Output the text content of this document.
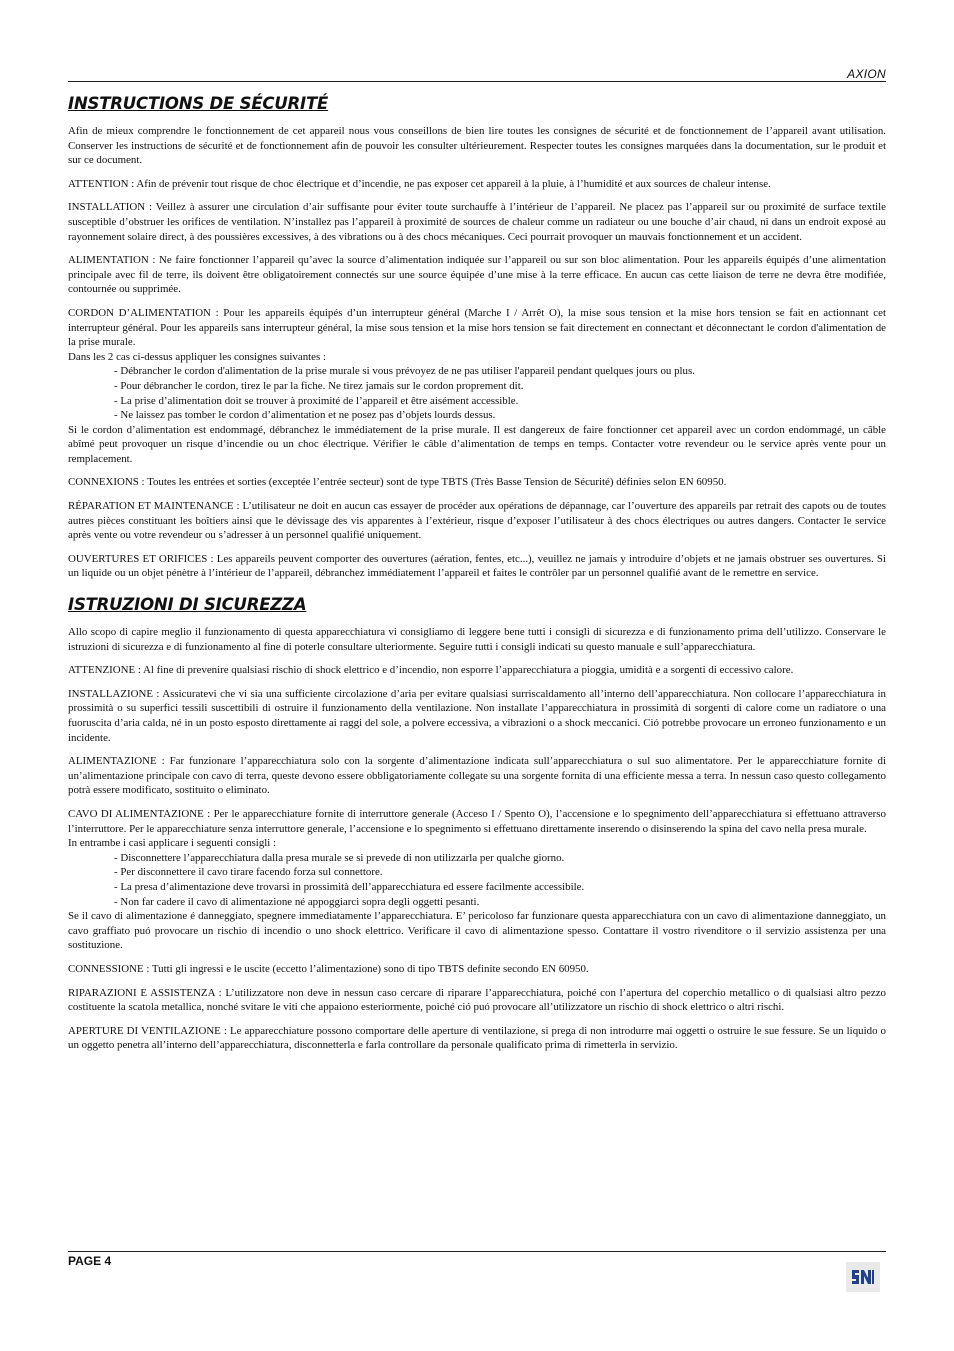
AXION
INSTRUCTIONS DE SÉCURITÉ

Afin de mieux comprendre le fonctionnement de cet appareil nous vous conseillons de bien lire toutes les consignes de sécurité et de fonctionnement de l’appareil avant utilisation. Conserver les instructions de sécurité et de fonctionnement afin de pouvoir les consulter ultérieurement. Respecter toutes les consignes marquées dans la documentation, sur le produit et sur ce document.

ATTENTION : Afin de prévenir tout risque de choc électrique et d’incendie, ne pas exposer cet appareil à la pluie, à l’humidité et aux sources de chaleur intense.

INSTALLATION : Veillez à assurer une circulation d’air suffisante pour éviter toute surchauffe à l’intérieur de l’appareil. Ne placez pas l’appareil sur ou proximité de surface textile susceptible d’obstruer les orifices de ventilation. N’installez pas l’appareil à proximité de sources de chaleur comme un radiateur ou une bouche d’air chaud, ni dans un endroit exposé au rayonnement solaire direct, à des poussières excessives, à des vibrations ou à des chocs mécaniques. Ceci pourrait provoquer un mauvais fonctionnement et un accident.

ALIMENTATION : Ne faire fonctionner l’appareil qu’avec la source d’alimentation indiquée sur l’appareil ou sur son bloc alimentation. Pour les appareils équipés d’une alimentation principale avec fil de terre, ils doivent être obligatoirement connectés sur une source équipée d’une mise à la terre efficace. En aucun cas cette liaison de terre ne devra être modifiée, contournée ou supprimée.

CORDON D’ALIMENTATION : Pour les appareils équipés d’un interrupteur général (Marche I / Arrêt O), la mise sous tension et la mise hors tension se fait en actionnant cet interrupteur général. Pour les appareils sans interrupteur général, la mise sous tension et la mise hors tension se fait directement en connectant et déconnectant le cordon d'alimentation de la prise murale.

Dans les 2 cas ci-dessus appliquer les consignes suivantes :

- Débrancher le cordon d'alimentation de la prise murale si vous prévoyez de ne pas utiliser l'appareil pendant quelques jours ou plus.
- Pour débrancher le cordon, tirez le par la fiche. Ne tirez jamais sur le cordon proprement dit.
- La prise d’alimentation doit se trouver à proximité de l’appareil et être aisément accessible.
- Ne laissez pas tomber le cordon d’alimentation et ne posez pas d’objets lourds dessus.

Si le cordon d’alimentation est endommagé, débranchez le immédiatement de la prise murale. Il est dangereux de faire fonctionner cet appareil avec un cordon endommagé, un câble abîmé peut provoquer un risque d’incendie ou un choc électrique. Vérifier le câble d’alimentation de temps en temps. Contacter votre revendeur ou le service après vente pour un remplacement.

CONNEXIONS : Toutes les entrées et sorties (exceptée l’entrée secteur) sont de type TBTS (Très Basse Tension de Sécurité) définies selon EN 60950.

RÉPARATION ET MAINTENANCE : L’utilisateur ne doit en aucun cas essayer de procéder aux opérations de dépannage, car l’ouverture des appareils par retrait des capots ou de toutes autres pièces constituant les boîtiers ainsi que le dévissage des vis apparentes à l’extérieur, risque d’exposer l’utilisateur à des chocs électriques ou autres dangers. Contacter le service après vente ou votre revendeur ou s’adresser à un personnel qualifié uniquement.

OUVERTURES ET ORIFICES : Les appareils peuvent comporter des ouvertures (aération, fentes, etc...), veuillez ne jamais y introduire d’objets et ne jamais obstruer ses ouvertures. Si un liquide ou un objet pénètre à l’intérieur de l’appareil, débranchez immédiatement l’appareil et faites le contrôler par un personnel qualifié avant de le remettre en service.

ISTRUZIONI DI SICUREZZA

Allo scopo di capire meglio il funzionamento di questa apparecchiatura vi consigliamo di leggere bene tutti i consigli di sicurezza e di funzionamento prima dell’utilizzo. Conservare le istruzioni di sicurezza e di funzionamento al fine di poterle consultare ulteriormente. Seguire tutti i consigli indicati su questo manuale e sull’apparecchiatura.

ATTENZIONE : Al fine di prevenire qualsiasi rischio di shock elettrico e d’incendio, non esporre l’apparecchiatura a pioggia, umidità e a sorgenti di eccessivo calore.

INSTALLAZIONE : Assicuratevi che vi sia una sufficiente circolazione d’aria per evitare qualsiasi surriscaldamento all’interno dell’apparecchiatura. Non collocare l’apparecchiatura in prossimità o su superfici tessili suscettibili di ostruire il funzionamento della ventilazione. Non installate l’apparecchiatura in prossimità di sorgenti di calore come un radiatore o una fuoruscita d’aria calda, né in un posto esposto direttamente ai raggi del sole, a polvere eccessiva, a vibrazioni o a shock meccanici. Ció potrebbe provocare un erroneo funzionamento e un incidente.

ALIMENTAZIONE : Far funzionare l’apparecchiatura solo con la sorgente d’alimentazione indicata sull’apparecchiatura o sul suo alimentatore. Per le apparecchiature fornite di un’alimentazione principale con cavo di terra, queste devono essere obbligatoriamente collegate su una sorgente fornita di una efficiente messa a terra. In nessun caso questo collegamento potrà essere modificato, sostituito o eliminato.

CAVO DI ALIMENTAZIONE : Per le apparecchiature fornite di interruttore generale (Acceso I / Spento O), l’accensione e lo spegnimento dell’apparecchiatura si effettuano attraverso l’interruttore. Per le apparecchiature senza interruttore generale, l’accensione e lo spegnimento si effettuano direttamente inserendo o disinserendo la spina del cavo nella presa murale.

In entrambe i casi applicare i seguenti consigli :

- Disconnettere l’apparecchiatura dalla presa murale se si prevede di non utilizzarla per qualche giorno.
- Per disconnettere il cavo tirare facendo forza sul connettore.
- La presa d’alimentazione deve trovarsi in prossimità dell’apparecchiatura ed essere facilmente accessibile.
- Non far cadere il cavo di alimentazione né appoggiarci sopra degli oggetti pesanti.

Se il cavo di alimentazione é danneggiato, spegnere immediatamente l’apparecchiatura. E’ pericoloso far funzionare questa apparecchiatura con un cavo di alimentazione danneggiato, un cavo graffiato puó provocare un rischio di incendio o uno shock elettrico. Verificare il cavo di alimentazione spesso. Contattare il vostro rivenditore o il servizio assistenza per una sostituzione.

CONNESSIONE : Tutti gli ingressi e le uscite (eccetto l’alimentazione) sono di tipo TBTS definite secondo EN 60950.

RIPARAZIONI E ASSISTENZA : L’utilizzatore non deve in nessun caso cercare di riparare l’apparecchiatura, poiché con l’apertura del coperchio metallico o di qualsiasi altro pezzo costituente la scatola metallica, nonché svitare le viti che appaiono esteriormente, poiché ció puó provocare all’utilizzatore un rischio di shock elettrico o altri rischi.

APERTURE DI VENTILAZIONE : Le apparecchiature possono comportare delle aperture di ventilazione, si prega di non introdurre mai oggetti o ostruire le sue fessure. Se un liquido o un oggetto penetra all’interno dell’apparecchiatura, disconnetterla e farla controllare da personale qualificato prima di rimetterla in servizio.

PAGE 4
